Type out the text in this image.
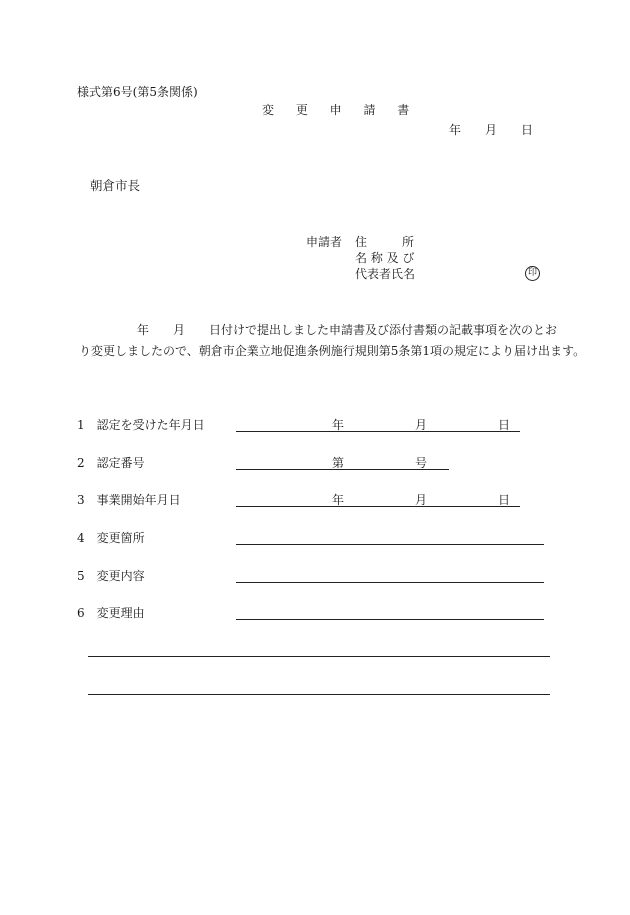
様式第6号(第5条関係)
変 更 申 請 書
年 月 日
朝倉市長
申請者 住	所
名 称 及 び
代表者氏名	印
年 月 日付けで提出しました申請書及び添付書類の記載事項を次のとお
り変更しましたので、朝倉市企業立地促進条例施行規則第5条第1項の規定により届け出ます。
1　認定を受けた年月日	年	月	日
2　認定番号	第	号
3　事業開始年月日	年	月	日
4　変更箇所
5　変更内容
6　変更理由
